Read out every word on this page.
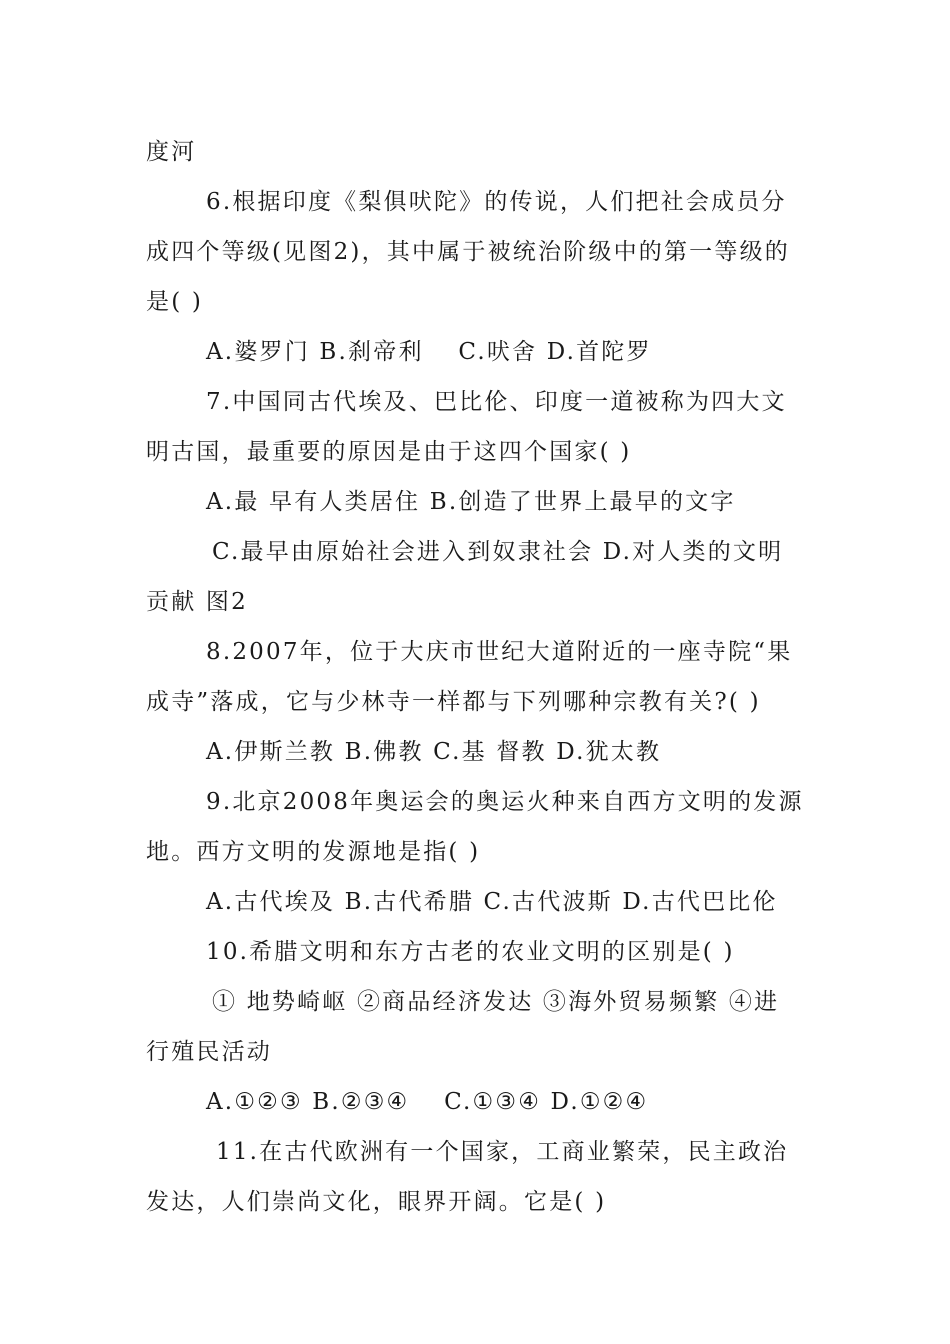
度河
6.根据印度《梨俱吠陀》的传说，人们把社会成员分
成四个等级(见图2)，其中属于被统治阶级中的第一等级的
是( )
A.婆罗门 B.刹帝利　 C.吠舍 D.首陀罗
7.中国同古代埃及、巴比伦、印度一道被称为四大文
明古国，最重要的原因是由于这四个国家( )
A.最 早有人类居住 B.创造了世界上最早的文字
C.最早由原始社会进入到奴隶社会 D.对人类的文明
贡献 图2
8.2007年，位于大庆市世纪大道附近的一座寺院“果
成寺”落成，它与少林寺一样都与下列哪种宗教有关?( )
A.伊斯兰教 B.佛教 C.基 督教 D.犹太教
9.北京2008年奥运会的奥运火种来自西方文明的发源
地。西方文明的发源地是指( )
A.古代埃及 B.古代希腊 C.古代波斯 D.古代巴比伦
10.希腊文明和东方古老的农业文明的区别是( )
① 地势崎岖 ②商品经济发达 ③海外贸易频繁 ④进
行殖民活动
A.①②③ B.②③④　 C.①③④ D.①②④
11.在古代欧洲有一个国家，工商业繁荣，民主政治
发达，人们崇尚文化，眼界开阔。它是( )
